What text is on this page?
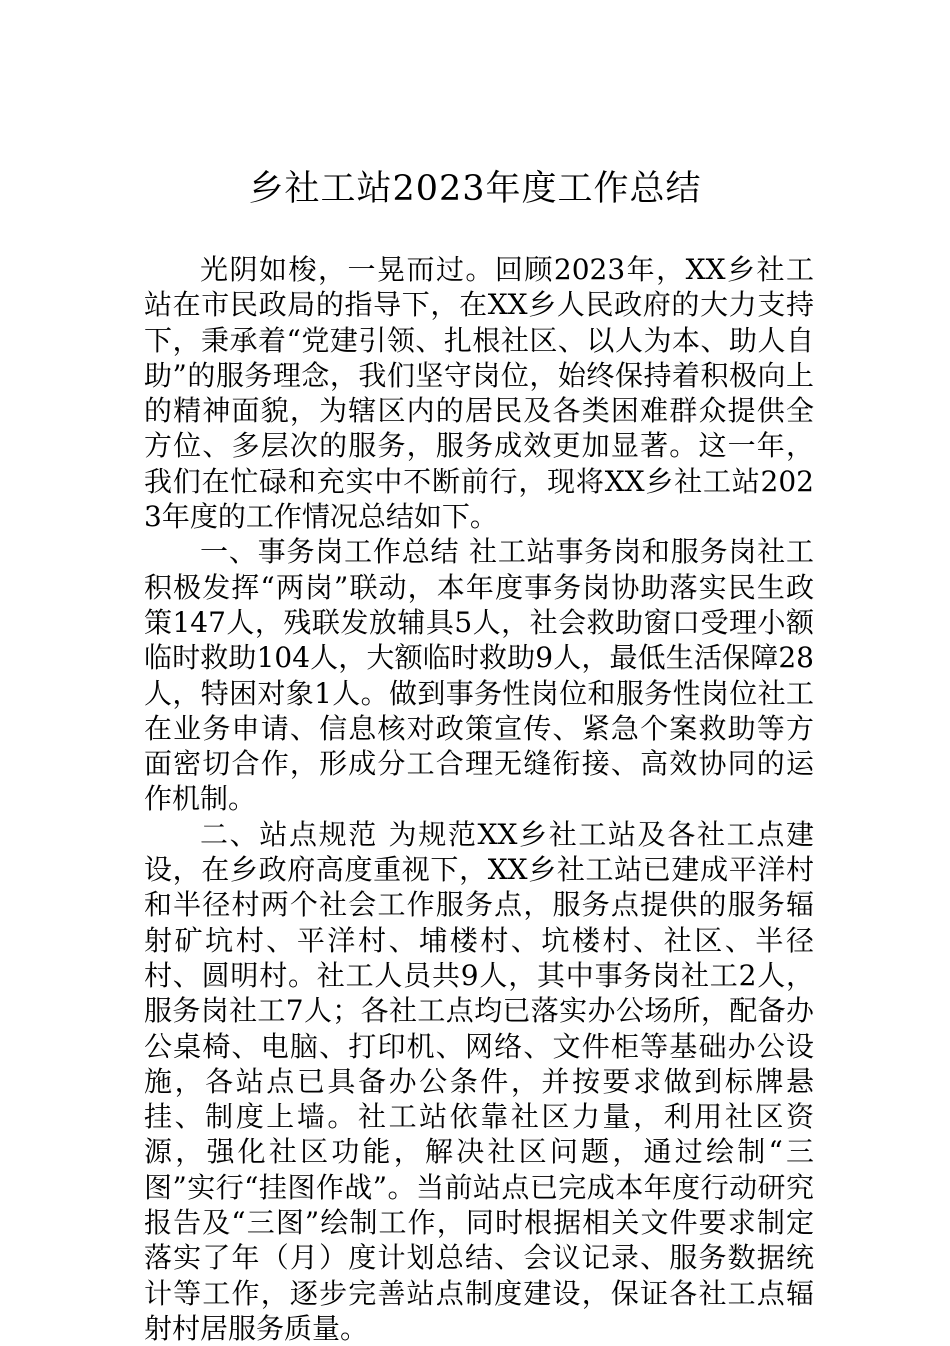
乡社工站2023年度工作总结

光阴如梭，一晃而过。回顾2023年，XX乡社工站在市民政局的指导下，在XX乡人民政府的大力支持下，秉承着“党建引领、扎根社区、以人为本、助人自助”的服务理念，我们坚守岗位，始终保持着积极向上的精神面貌，为辖区内的居民及各类困难群众提供全方位、多层次的服务，服务成效更加显著。这一年，我们在忙碌和充实中不断前行，现将XX乡社工站2023年度的工作情况总结如下。

一、事务岗工作总结 社工站事务岗和服务岗社工积极发挥“两岗”联动，本年度事务岗协助落实民生政策147人，残联发放辅具5人，社会救助窗口受理小额临时救助104人，大额临时救助9人，最低生活保障28人，特困对象1人。做到事务性岗位和服务性岗位社工在业务申请、信息核对政策宣传、紧急个案救助等方面密切合作，形成分工合理无缝衔接、高效协同的运作机制。

二、站点规范 为规范XX乡社工站及各社工点建设，在乡政府高度重视下，XX乡社工站已建成平洋村和半径村两个社会工作服务点，服务点提供的服务辐射矿坑村、平洋村、埔楼村、坑楼村、社区、半径村、圆明村。社工人员共9人，其中事务岗社工2人，服务岗社工7人；各社工点均已落实办公场所，配备办公桌椅、电脑、打印机、网络、文件柜等基础办公设施，各站点已具备办公条件，并按要求做到标牌悬挂、制度上墙。社工站依靠社区力量，利用社区资源，强化社区功能，解决社区问题，通过绘制“三图”实行“挂图作战”。当前站点已完成本年度行动研究报告及“三图”绘制工作，同时根据相关文件要求制定落实了年（月）度计划总结、会议记录、服务数据统计等工作，逐步完善站点制度建设，保证各社工点辐射村居服务质量。
